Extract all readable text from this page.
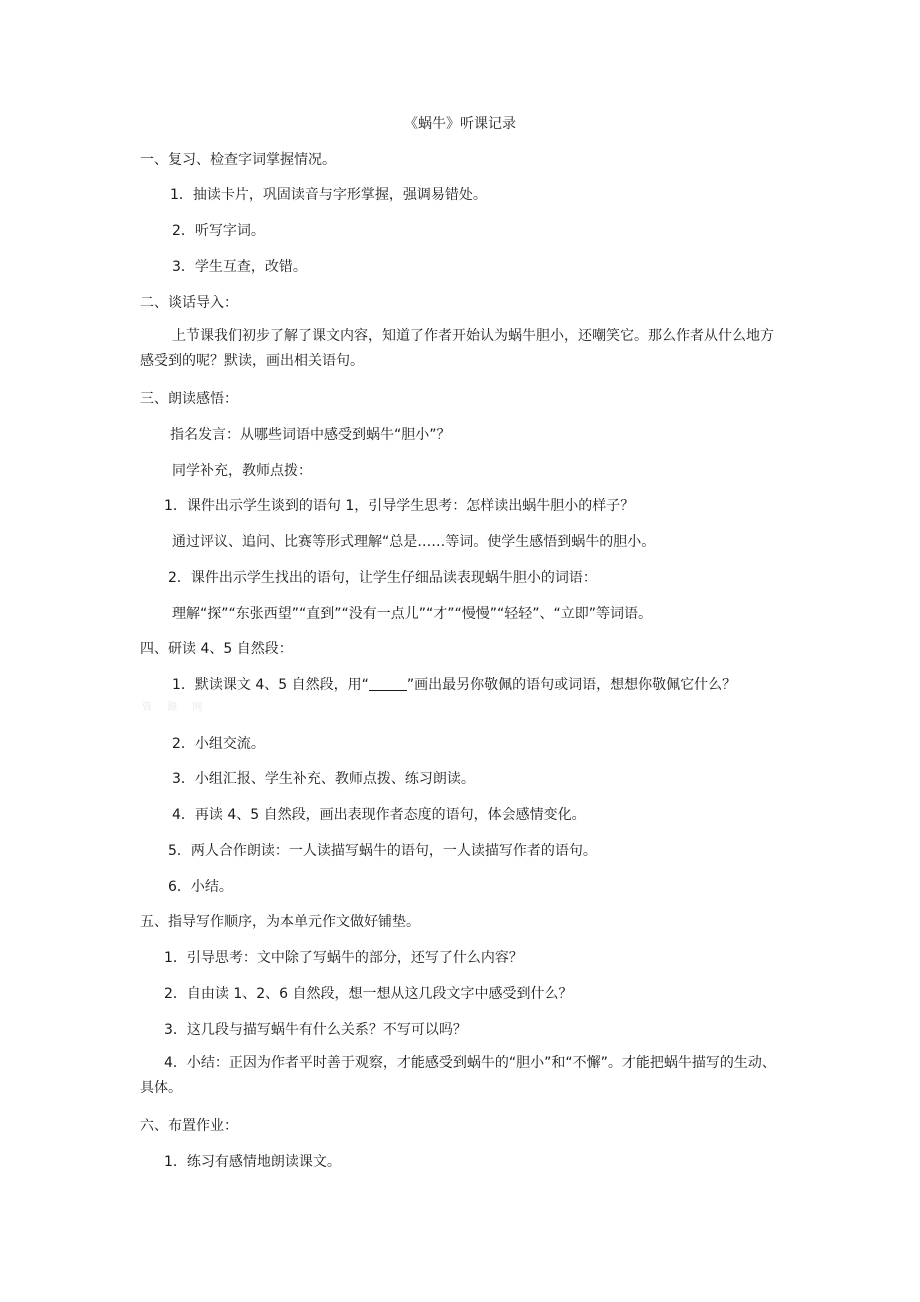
《蜗牛》听课记录
一、复习、检查字词掌握情况。
1．抽读卡片，巩固读音与字形掌握，强调易错处。
2．听写字词。
3．学生互查，改错。
二、谈话导入：
上节课我们初步了解了课文内容，知道了作者开始认为蜗牛胆小，还嘲笑它。那么作者从什么地方感受到的呢？默读，画出相关语句。
三、朗读感悟：
指名发言：从哪些词语中感受到蜗牛“胆小”？
同学补充，教师点拨：
1．课件出示学生谈到的语句 1，引导学生思考：怎样读出蜗牛胆小的样子？
通过评议、追问、比赛等形式理解“总是……等词。使学生感悟到蜗牛的胆小。
2．课件出示学生找出的语句，让学生仔细品读表现蜗牛胆小的词语：
理解“探”“东张西望”“直到”“没有一点儿”“才”“慢慢”“轻轻”、“立即”等词语。
四、研读 4、5 自然段：
1．默读课文 4、5 自然段，用“	”画出最另你敬佩的语句或词语，想想你敬佩它什么？
资 源 网
2．小组交流。
3．小组汇报、学生补充、教师点拨、练习朗读。
4．再读 4、5 自然段，画出表现作者态度的语句，体会感情变化。
5．两人合作朗读：一人读描写蜗牛的语句，一人读描写作者的语句。
6．小结。
五、指导写作顺序，为本单元作文做好铺垫。
1．引导思考：文中除了写蜗牛的部分，还写了什么内容？
2．自由读 1、2、6 自然段，想一想从这几段文字中感受到什么？
3．这几段与描写蜗牛有什么关系？不写可以吗？
4．小结：正因为作者平时善于观察，才能感受到蜗牛的“胆小”和“不懈”。才能把蜗牛描写的生动、具体。
六、布置作业：
1．练习有感情地朗读课文。
